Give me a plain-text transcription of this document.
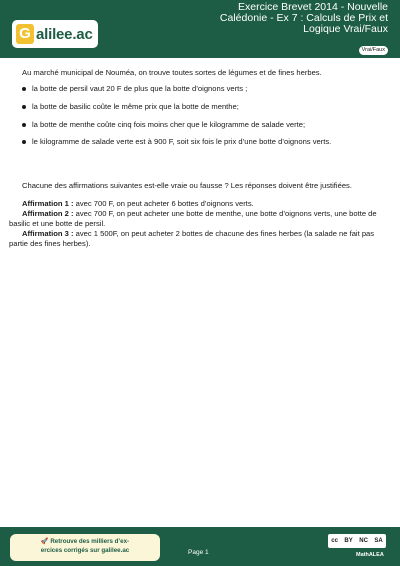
G alilee.ac
Exercice Brevet 2014 - Nouvelle
Calédonie - Ex 7 : Calculs de Prix et
Logique Vrai/Faux
Vrai/Faux

Au marché municipal de Nouméa, on trouve toutes sortes de légumes et de fines herbes.

la botte de persil vaut 20 F de plus que la botte d’oignons verts ;
la botte de basilic coûte le même prix que la botte de menthe;
la botte de menthe coûte cinq fois moins cher que le kilogramme de salade verte;
le kilogramme de salade verte est à 900 F, soit six fois le prix d’une botte d’oignons verts.

Chacune des affirmations suivantes est-elle vraie ou fausse ? Les réponses doivent être justifiées.

Affirmation 1 : avec 700 F, on peut acheter 6 bottes d’oignons verts.

Affirmation 2 : avec 700 F, on peut acheter une botte de menthe, une botte d’oignons verts, une botte de basilic et une botte de persil.

Affirmation 3 : avec 1 500F, on peut acheter 2 bottes de chacune des fines herbes (la salade ne fait pas partie des fines herbes).

🚀 Retrouve des milliers d’ex-
ercices corrigés sur galilee.ac	Page 1
cc BY NC SA
MathALEA
